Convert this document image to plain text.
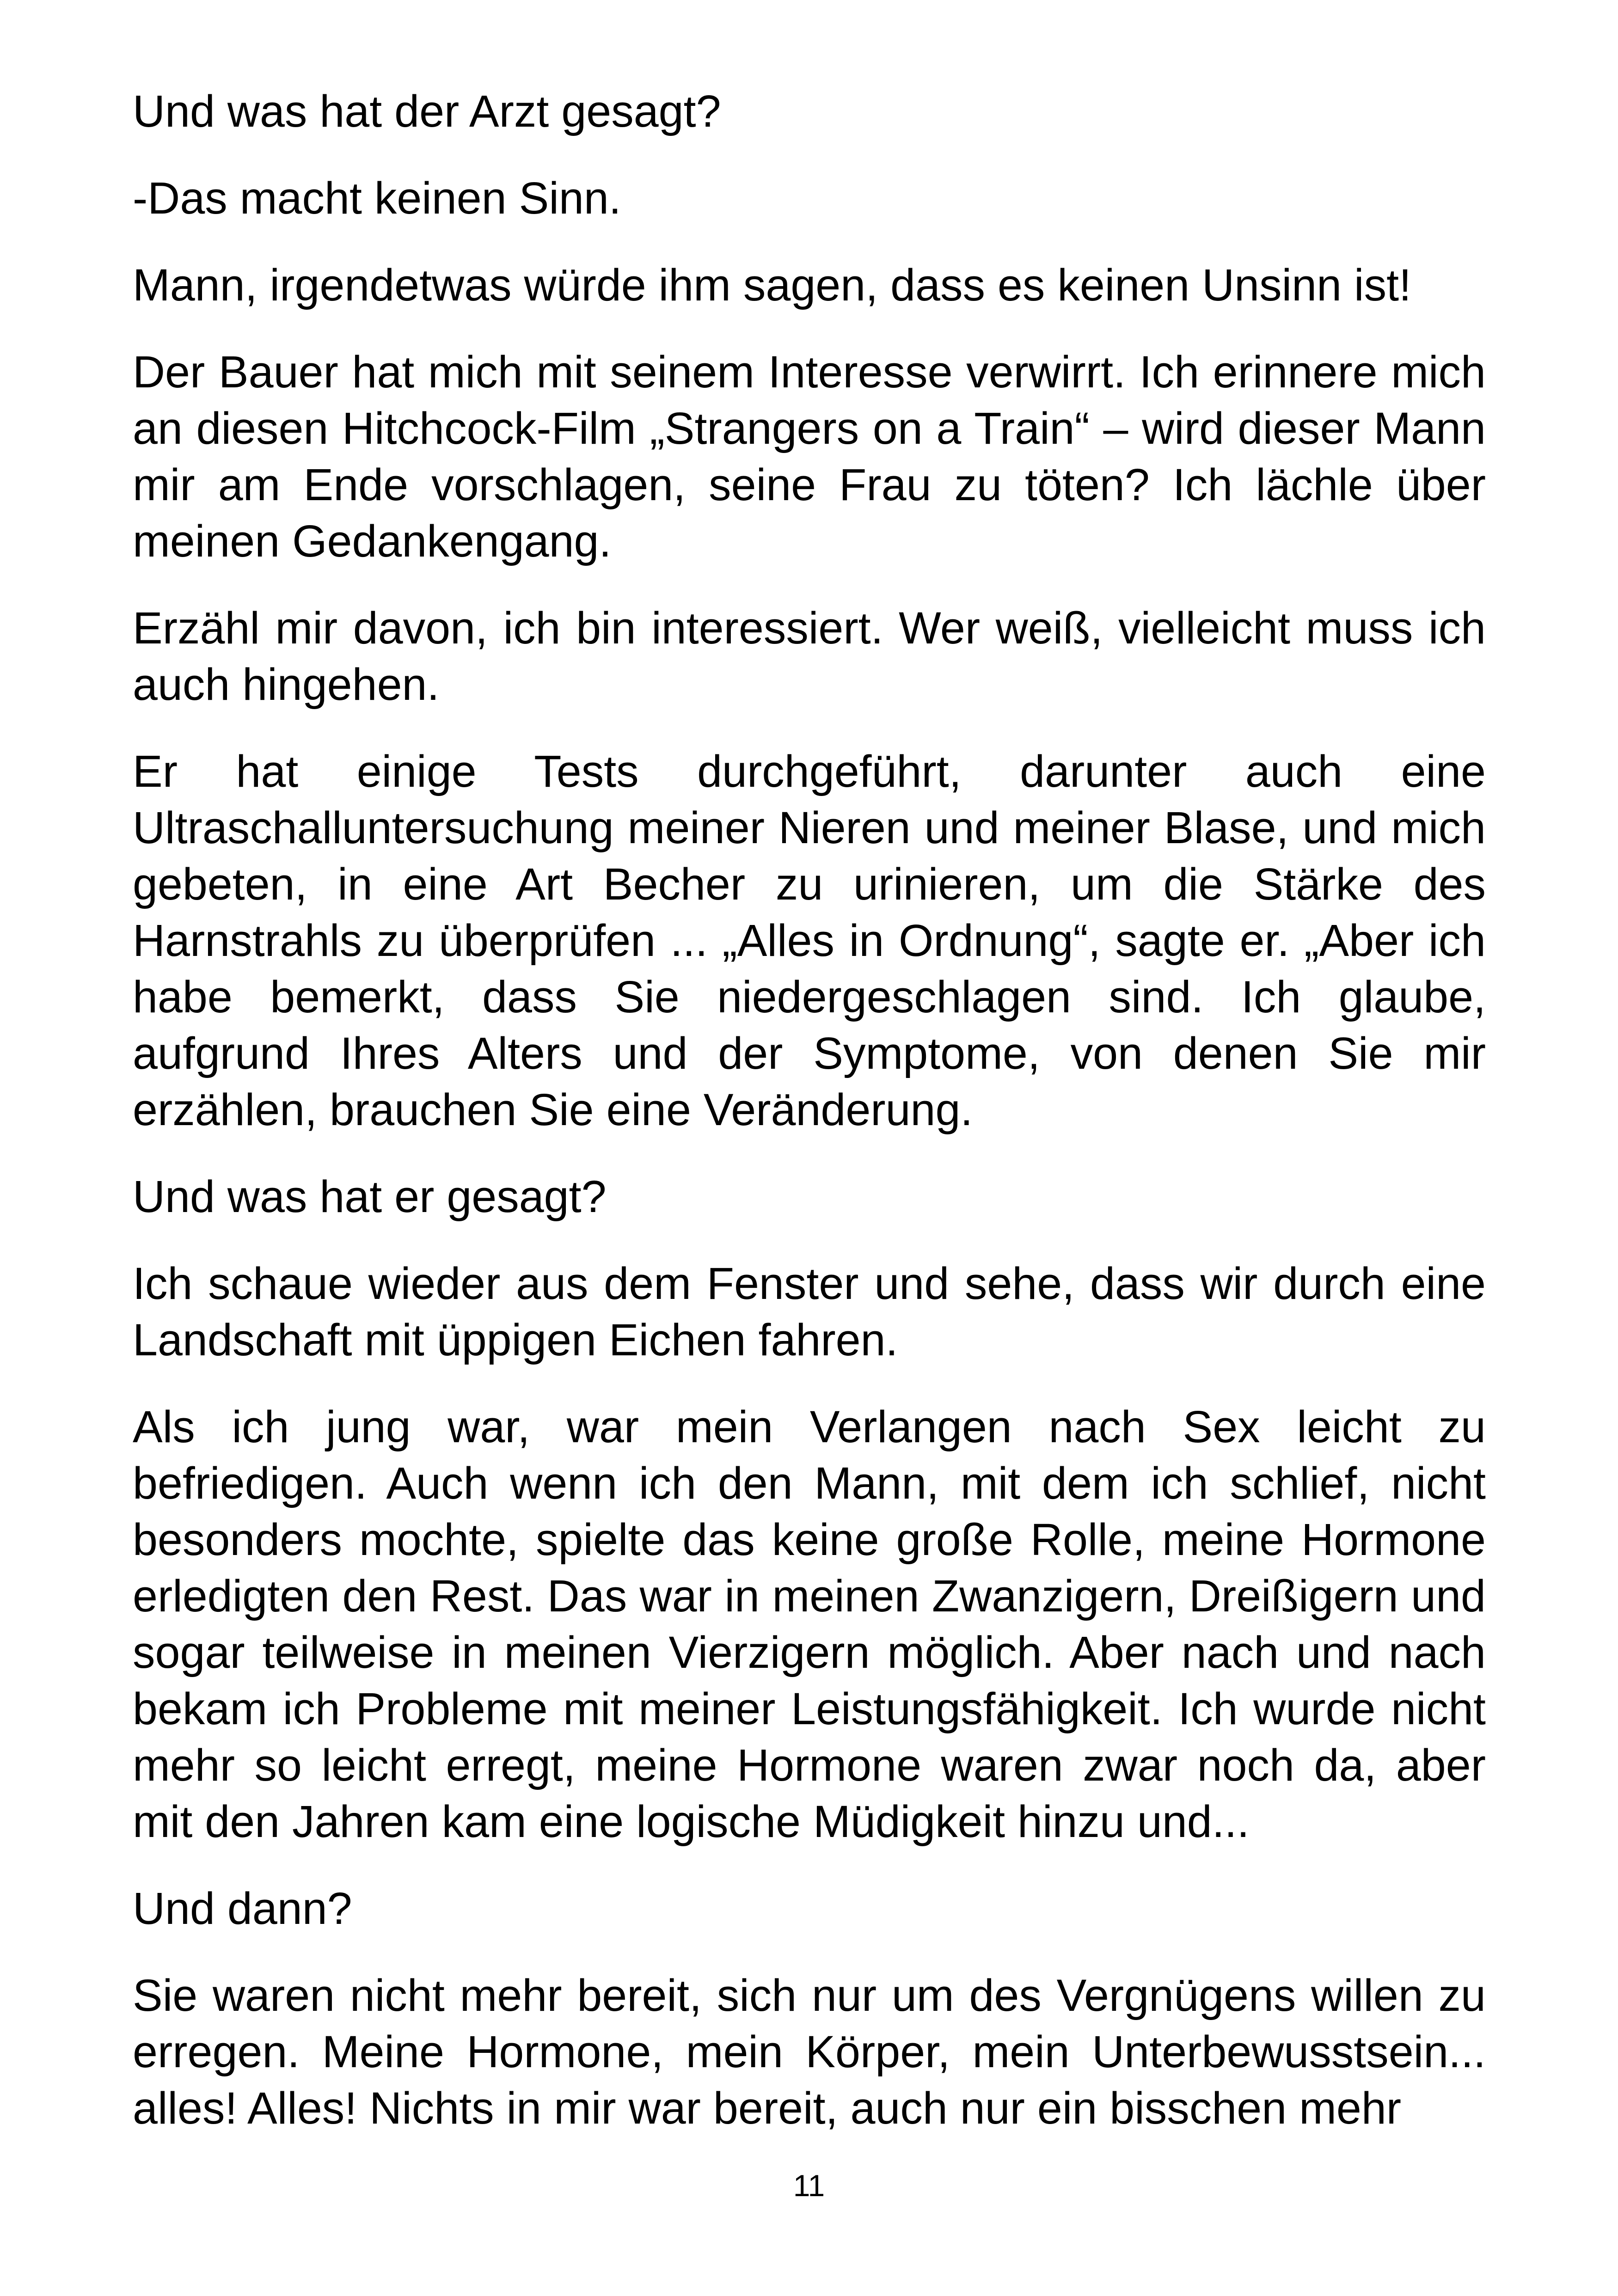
Und was hat der Arzt gesagt?

-Das macht keinen Sinn.

Mann, irgendetwas würde ihm sagen, dass es keinen Unsinn ist!

Der Bauer hat mich mit seinem Interesse verwirrt. Ich erinnere mich an diesen Hitchcock-Film „Strangers on a Train“ – wird dieser Mann mir am Ende vorschlagen, seine Frau zu töten? Ich lächle über meinen Gedankengang.

Erzähl mir davon, ich bin interessiert. Wer weiß, vielleicht muss ich auch hingehen.

Er hat einige Tests durchgeführt, darunter auch eine Ultraschalluntersuchung meiner Nieren und meiner Blase, und mich gebeten, in eine Art Becher zu urinieren, um die Stärke des Harnstrahls zu überprüfen ... „Alles in Ordnung“, sagte er. „Aber ich habe bemerkt, dass Sie niedergeschlagen sind. Ich glaube, aufgrund Ihres Alters und der Symptome, von denen Sie mir erzählen, brauchen Sie eine Veränderung.

Und was hat er gesagt?

Ich schaue wieder aus dem Fenster und sehe, dass wir durch eine Landschaft mit üppigen Eichen fahren.

Als ich jung war, war mein Verlangen nach Sex leicht zu befriedigen. Auch wenn ich den Mann, mit dem ich schlief, nicht besonders mochte, spielte das keine große Rolle, meine Hormone erledigten den Rest. Das war in meinen Zwanzigern, Dreißigern und sogar teilweise in meinen Vierzigern möglich. Aber nach und nach bekam ich Probleme mit meiner Leistungsfähigkeit. Ich wurde nicht mehr so leicht erregt, meine Hormone waren zwar noch da, aber mit den Jahren kam eine logische Müdigkeit hinzu und...

Und dann?

Sie waren nicht mehr bereit, sich nur um des Vergnügens willen zu erregen. Meine Hormone, mein Körper, mein Unterbewusstsein... alles! Alles! Nichts in mir war bereit, auch nur ein bisschen mehr

11
